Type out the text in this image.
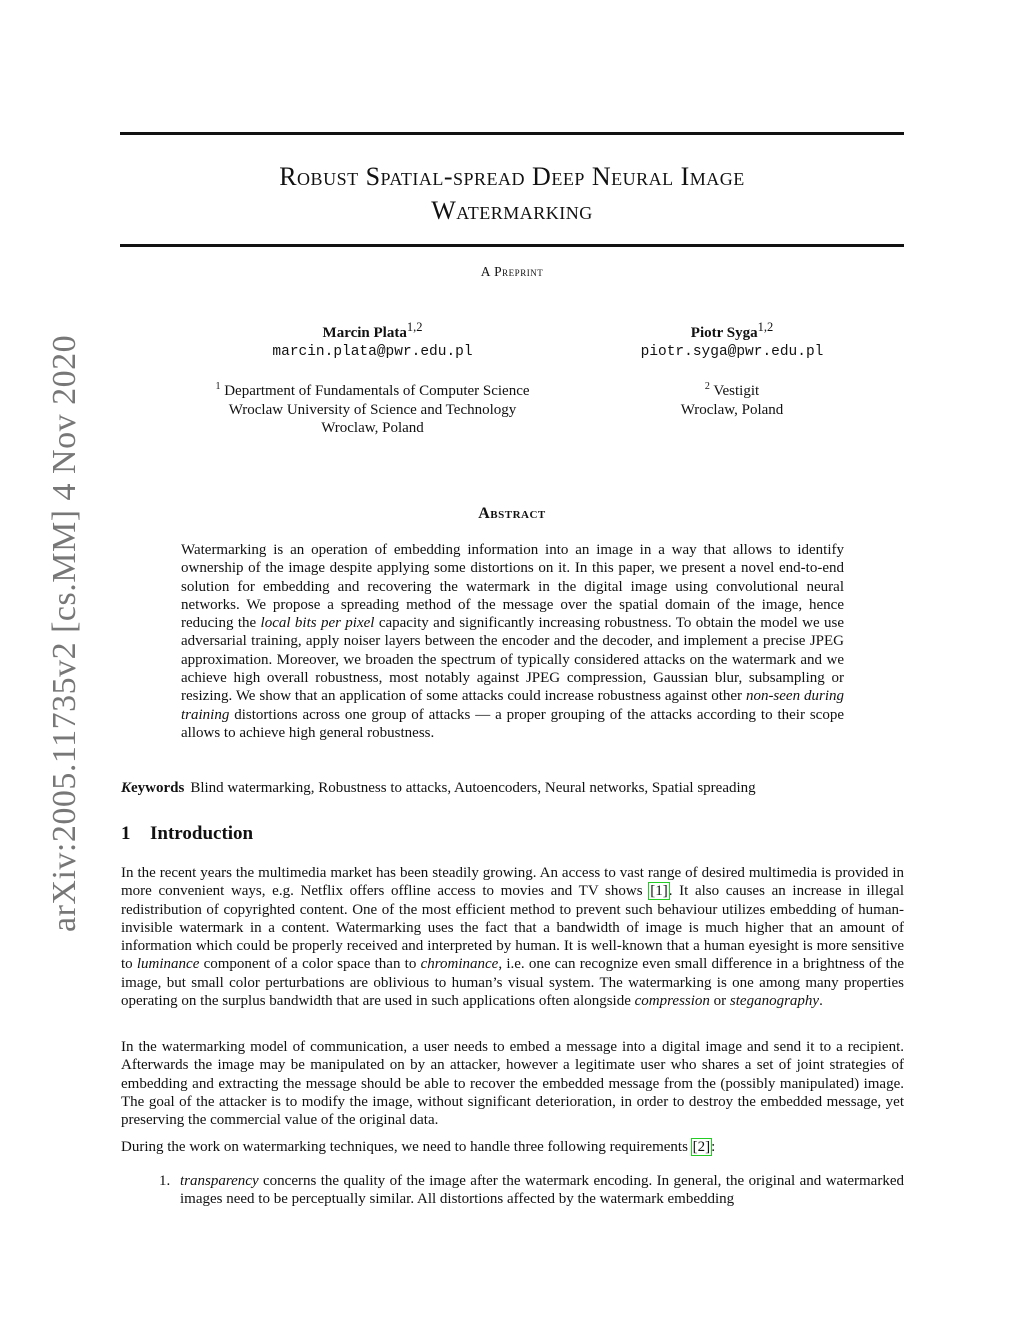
arXiv:2005.11735v2 [cs.MM] 4 Nov 2020
Robust Spatial-spread Deep Neural Image
Watermarking
A Preprint
Marcin Plata$^{1,2}$
marcin.plata@pwr.edu.pl
$^1$ Department of Fundamentals of Computer Science
Wroclaw University of Science and Technology
Wroclaw, Poland
Piotr Syga$^{1,2}$
piotr.syga@pwr.edu.pl
$^2$ Vestigit
Wroclaw, Poland
Abstract
Watermarking is an operation of embedding information into an image in a way that allows to identify ownership of the image despite applying some distortions on it. In this paper, we present a novel end-to-end solution for embedding and recovering the watermark in the digital image using convolutional neural networks. We propose a spreading method of the message over the spatial domain of the image, hence reducing the local bits per pixel capacity and significantly increasing robustness. To obtain the model we use adversarial training, apply noiser layers between the encoder and the decoder, and implement a precise JPEG approximation. Moreover, we broaden the spectrum of typically considered attacks on the watermark and we achieve high overall robustness, most notably against JPEG compression, Gaussian blur, subsampling or resizing. We show that an application of some attacks could increase robustness against other non-seen during training distortions across one group of attacks — a proper grouping of the attacks according to their scope allows to achieve high general robustness.
Keywords Blind watermarking, Robustness to attacks, Autoencoders, Neural networks, Spatial spreading
1 Introduction
In the recent years the multimedia market has been steadily growing. An access to vast range of desired multimedia is provided in more convenient ways, e.g. Netflix offers offline access to movies and TV shows [1]. It also causes an increase in illegal redistribution of copyrighted content. One of the most efficient method to prevent such behaviour utilizes embedding of human-invisible watermark in a content. Watermarking uses the fact that a bandwidth of image is much higher that an amount of information which could be properly received and interpreted by human. It is well-known that a human eyesight is more sensitive to luminance component of a color space than to chrominance, i.e. one can recognize even small difference in a brightness of the image, but small color perturbations are oblivious to human’s visual system. The watermarking is one among many properties operating on the surplus bandwidth that are used in such applications often alongside compression or steganography.
In the watermarking model of communication, a user needs to embed a message into a digital image and send it to a recipient. Afterwards the image may be manipulated on by an attacker, however a legitimate user who shares a set of joint strategies of embedding and extracting the message should be able to recover the embedded message from the (possibly manipulated) image. The goal of the attacker is to modify the image, without significant deterioration, in order to destroy the embedded message, yet preserving the commercial value of the original data.
During the work on watermarking techniques, we need to handle three following requirements [2]:
1. transparency concerns the quality of the image after the watermark encoding. In general, the original and watermarked images need to be perceptually similar. All distortions affected by the watermark embedding
